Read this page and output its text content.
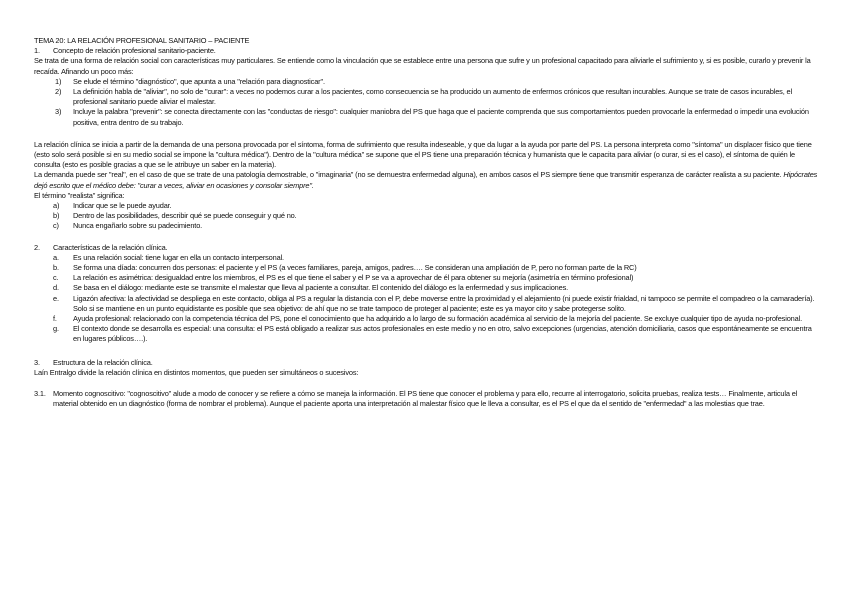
TEMA 20: LA RELACIÓN PROFESIONAL SANITARIO – PACIENTE

1.	Concepto de relación profesional sanitario-paciente.

Se trata de una forma de relación social con características muy particulares. Se entiende como la vinculación que se establece entre una persona que sufre y un profesional capacitado para aliviarle el sufrimiento y, si es posible, curarlo y prevenir la recaída. Afinando un poco más:

1)	Se elude el término "diagnóstico", que apunta a una "relación para diagnosticar".
2)	La definición habla de "aliviar", no solo de "curar": a veces no podemos curar a los pacientes, como consecuencia se ha producido un aumento de enfermos crónicos que resultan incurables. Aunque se trate de casos incurables, el profesional sanitario puede aliviar el malestar.
3)	Incluye la palabra "prevenir": se conecta directamente con las "conductas de riesgo": cualquier maniobra del PS que haga que el paciente comprenda que sus comportamientos pueden provocarle la enfermedad o impedir una evolución positiva, entra dentro de su trabajo.

La relación clínica se inicia a partir de la demanda de una persona provocada por el síntoma, forma de sufrimiento que resulta indeseable, y que da lugar a la ayuda por parte del PS. La persona interpreta como "síntoma" un displacer físico que tiene (esto solo será posible si en su medio social se impone la "cultura médica"). Dentro de la "cultura médica" se supone que el PS tiene una preparación técnica y humanista que le capacita para aliviar (o curar, si es el caso), el síntoma de quién le consulta (esto es posible gracias a que se le atribuye un saber en la materia).

La demanda puede ser "real", en el caso de que se trate de una patología demostrable, o "imaginaria" (no se demuestra enfermedad alguna), en ambos casos el PS siempre tiene que transmitir esperanza de carácter realista a su paciente. Hipócrates dejó escrito que el médico debe: "curar a veces, aliviar en ocasiones y consolar siempre".

El término "realista" significa:

a)	Indicar que se le puede ayudar.
b)	Dentro de las posibilidades, describir qué se puede conseguir y qué no.
c)	Nunca engañarlo sobre su padecimiento.
2.	Características de la relación clínica.
a.	Es una relación social: tiene lugar en ella un contacto interpersonal.
b.	Se forma una díada: concurren dos personas: el paciente y el PS (a veces familiares, pareja, amigos, padres…. Se consideran una ampliación de P, pero no forman parte de la RC)
c.	La relación es asimétrica: desigualdad entre los miembros, el PS es el que tiene el saber y el P se va a aprovechar de él para obtener su mejoría (asimetría en término profesional)
d.	Se basa en el diálogo: mediante este se transmite el malestar que lleva al paciente a consultar. El contenido del diálogo es la enfermedad y sus implicaciones.
e.	Ligazón afectiva: la afectividad se despliega en este contacto, obliga al PS a regular la distancia con el P, debe moverse entre la proximidad y el alejamiento (ni puede existir frialdad, ni tampoco se permite el compadreo o la camaradería). Solo si se mantiene en un punto equidistante es posible que sea objetivo: de ahí que no se trate tampoco de proteger al paciente; este es ya mayor cito y sabe protegerse solito.
f.	Ayuda profesional: relacionado con la competencia técnica del PS, pone el conocimiento que ha adquirido a lo largo de su formación académica al servicio de la mejoría del paciente. Se excluye cualquier tipo de ayuda no-profesional.
g.	El contexto donde se desarrolla es especial: una consulta: el PS está obligado a realizar sus actos profesionales en este medio y no en otro, salvo excepciones (urgencias, atención domiciliaria, casos que espontáneamente se encuentra en lugares públicos….).
3.	Estructura de la relación clínica.

Laín Entralgo divide la relación clínica en distintos momentos, que pueden ser simultáneos o sucesivos:

3.1. Momento cognoscitivo: "cognoscitivo" alude a modo de conocer y se refiere a cómo se maneja la información. El PS tiene que conocer el problema y para ello, recurre al interrogatorio, solicita pruebas, realiza tests… Finalmente, articula el material obtenido en un diagnóstico (forma de nombrar el problema). Aunque el paciente aporta una interpretación al malestar físico que le lleva a consultar, es el PS el que da el sentido de "enfermedad" a las molestias que trae.
